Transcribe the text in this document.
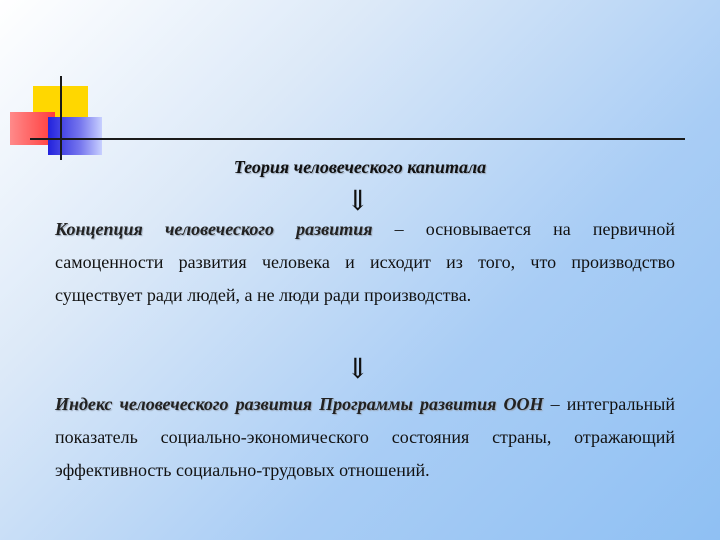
Теория человеческого капитала
⇓
Концепция человеческого развития – основывается на первичной самоценности развития человека и исходит из того, что производство существует ради людей, а не люди ради производства.
⇓
Индекс человеческого развития Программы развития ООН – интегральный показатель социально-экономического состояния страны, отражающий эффективность социально-трудовых отношений.
